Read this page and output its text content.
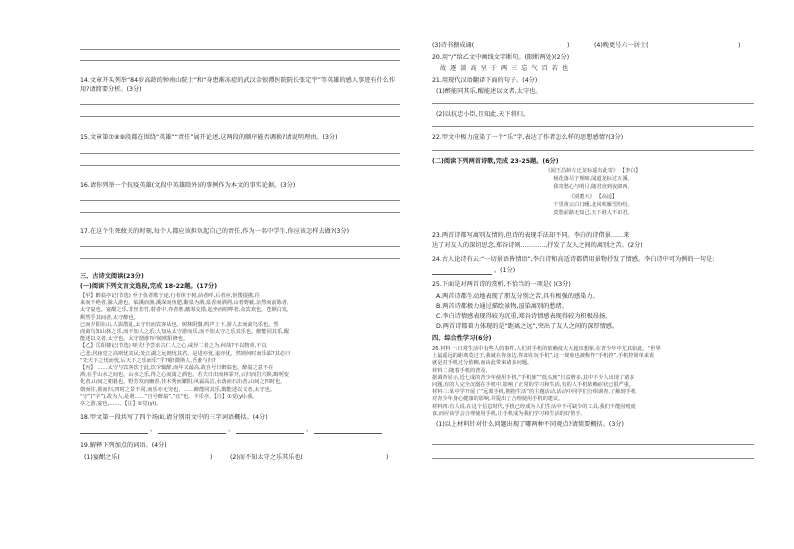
14.文章开头列举“84岁高龄的钟南山院士”和“身患渐冻症的武汉金银潭医院院长张定宇”等英雄的感人事迹有什么作用?请简要分析。(3分)
15.文章第⑦⑧⑨段都在围绕“英雄”“责任”展开论述,这两段的顺序能否调换?请说明理由。(3分)
16.请你列举一个抗疫英雄(文段中英雄除外)的事例作为本文的事实论据。(3分)
17.在这个生死攸关的时刻,每个人都应该担负起自己的责任,作为一名中学生,你应该怎样去做?(3分)
三、古诗文阅读(23分)
(一)阅读下列文言文选段,完成 18-22题。(17分)
【甲】醉翁亭记(节选) 至于负者歌于途,行者休于树,前者呼,后者应,伛偻提携,往
来而不绝者,滁人游也。临溪而渔,溪深而鱼肥,酿泉为酒,泉香而酒洌,山肴野蔌,杂然而前陈者,
太守宴也。宴酣之乐,非丝非竹,射者中,弈者胜,觥筹交错,起坐而喧哗者,众宾欢也。苍颜白发,
颓然乎其间者,太守醉也。
已而夕阳在山,人影散乱,太守归而宾客从也。树林阴翳,鸣声上下,游人去而禽鸟乐也。然
而禽鸟知山林之乐,而不知人之乐;人知从太守游而乐,而不知太守之乐其乐也。醉能同其乐,醒
能述以文者,太守也。太守谓谁?庐陵欧阳修也。
【乙】岳阳楼记(节选) 嗟夫!予尝求古仁人之心,或异二者之为,何哉?不以物喜,不以
己悲;居庙堂之高则忧其民;处江湖之远则忧其君。是进亦忧,退亦忧。然则何时而乐耶?其必曰
“先天下之忧而忧,后天下之乐而乐”乎?噫!微斯人,吾谁与归?
【丙】 ……太守与宾客饮于此,饮少辄醉,而年又最高,故自号曰醉翁也。醉翁之意不在
酒,在乎山水之间也。山水之乐,得之心而寓之酒也。若夫日出而林霏开,云归而岩穴暝,晦明变
化者,山间之朝暮也。野芳发而幽香,佳木秀而繁阴,风霜高洁,水落而石出者,山间之四时也。
朝而往,暮而归,四时之景不同,而乐亦无穷也。……醉能同其乐,醒能述以文者,太守也。
“守”(“字”),故为人,是谓……“自号醉翁”,“宜”也。丰乐亭。【注】①觉(yì):我。
亭之游,宴也,……。【注】①觉(yì)。
18.甲文第一段共写了四个场面,请分别用文中的三字词语概括。(4分)
、	、	、
19.解释下列加点的词语。(4分)
(1)宴酣之乐(	)	(2)而不知太守之乐其乐也(	)
(3)诗书猥成诵(	)	(4)晚更号六一居士(	)
20.用“/”给乙文中画线文字断句。(限断两处)(2分)
故 逐 淡 高 呈 于 两 三 忘 气 百 若 也
21.用现代汉语翻译下面的句子。(4分)
(1)醉能同其乐,醒能述以文者,太守也。
(2)以抗忠小臣,且知此,天下将归。
22.甲文中极力渲染了一个“乐”字,表达了作者怎么样的思想感情?(3分)
(二)阅读下列两首诗歌,完成 23-25题。(6分)
《闻王昌龄左迁龙标遥有此寄》 【李白】
杨花落尽子规啼,闻道龙标过五溪。
我寄愁心与明月,随君直到夜郎西。
《别董大》 【高适】
千里黄云白日曛,北风吹雁雪纷纷。
莫愁前路无知己,天下谁人不识君。
23.两首诗都写离别友情的,但诗的表现手法却不同。李白的诗借景……来
达了对友人的深切思念,郑谷诗则…………,抒发了友人之间的离别之苦。(2分)
24.古人论诗有云:“一切景语皆情语”,李白诗和高适诗都借用景物抒发了情感。李白诗中可为例的一句是:
。(1分)
25.下面是对两首诗的赏析,不恰当的一项是( )(3分)
A.两首诗都生动地表现了朋友分别之苦,具有极强的感染力。
B.两首诗都极力通过描绘景物,渲染离别的愁绪。
C.李白诗情感表现得较为沉重,郑谷诗情感表现得较为积极昂扬。
D.两首诗都着力体现的是“距离之远”,突出了友人之间的深厚情感。
四、综合性学习(6分)
26.材料一:日常生活中有些人的事件,人们对手机的依赖度大大超出想象,在青少年中尤其如此。“世界
上最遥远的距离莫过于,我就在你身边,你却在玩手机”,这一现象也被称作“手机控”,手机控简单来说
就是对手机过分依赖,而由此带来诸多问题。
材料二:随着手机的普及,
据调查显示,近七成的青少年使用手机,“手机族”“低头族”日益增多,其中不少人出现了诸多
问题,有的人完全沉溺在手机中,影响了正常的学习和生活,有的人手机依赖症状已很严重。
材料三:某中学开展了“远离手机,拥抱生活”的主题活动,活动中同学们分组调查,了解到手机
对青少年身心健康的影响,并提出了合理使用手机的建议。
材料四:有人说,在这个信息时代,手机已经成为人们生活中不可缺少的工具,我们不能因噎废
食,而应该学会合理使用手机,让手机成为我们学习和生活的好帮手。
(1)以上材料针对什么问题出现了哪两种不同观点?请简要概括。(3分)
